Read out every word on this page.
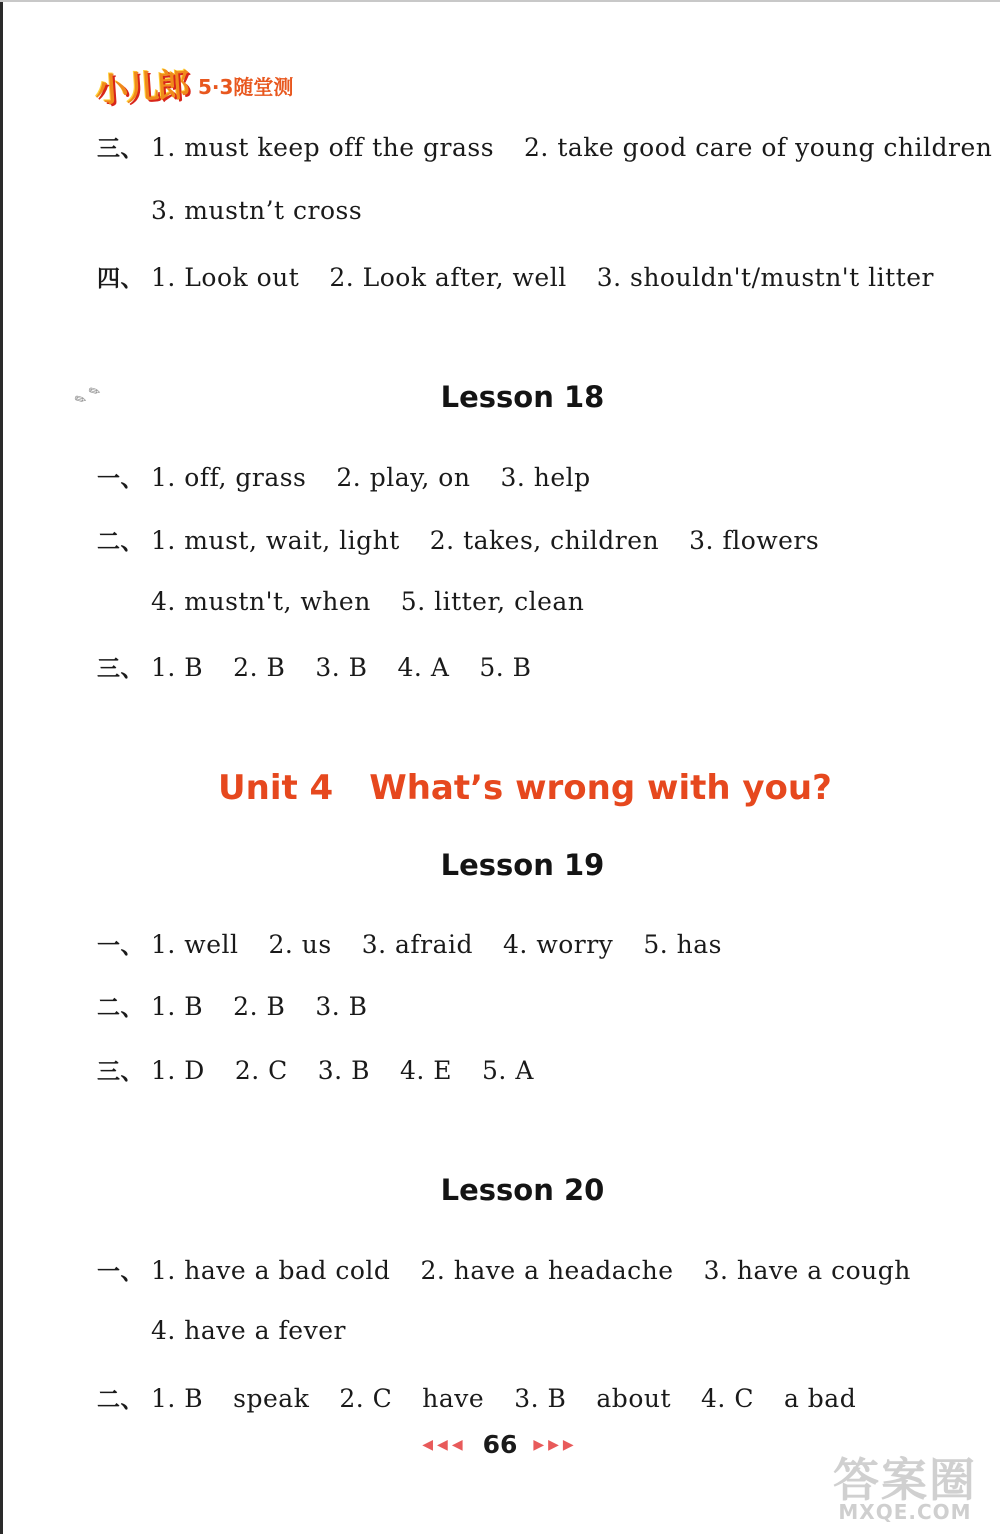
小儿郎 5·3随堂测
三、 1. must keep off the grass 2. take good care of young children
3. mustn’t cross
四、 1. Look out 2. Look after, well 3. shouldn't/mustn't litter
✎ ✎	Lesson 18
一、 1. off, grass 2. play, on 3. help
二、 1. must, wait, light 2. takes, children 3. flowers
4. mustn't, when 5. litter, clean
三、 1. B 2. B 3. B 4. A 5. B
Unit 4 What’s wrong with you?
Lesson 19
一、 1. well 2. us 3. afraid 4. worry 5. has
二、 1. B 2. B 3. B
三、 1. D 2. C 3. B 4. E 5. A
Lesson 20
一、 1. have a bad cold 2. have a headache 3. have a cough
4. have a fever
二、 1. B speak 2. C have 3. B about 4. C a bad
◀◀◀ 66 ▶▶▶
答案圈
MXQE.COM
